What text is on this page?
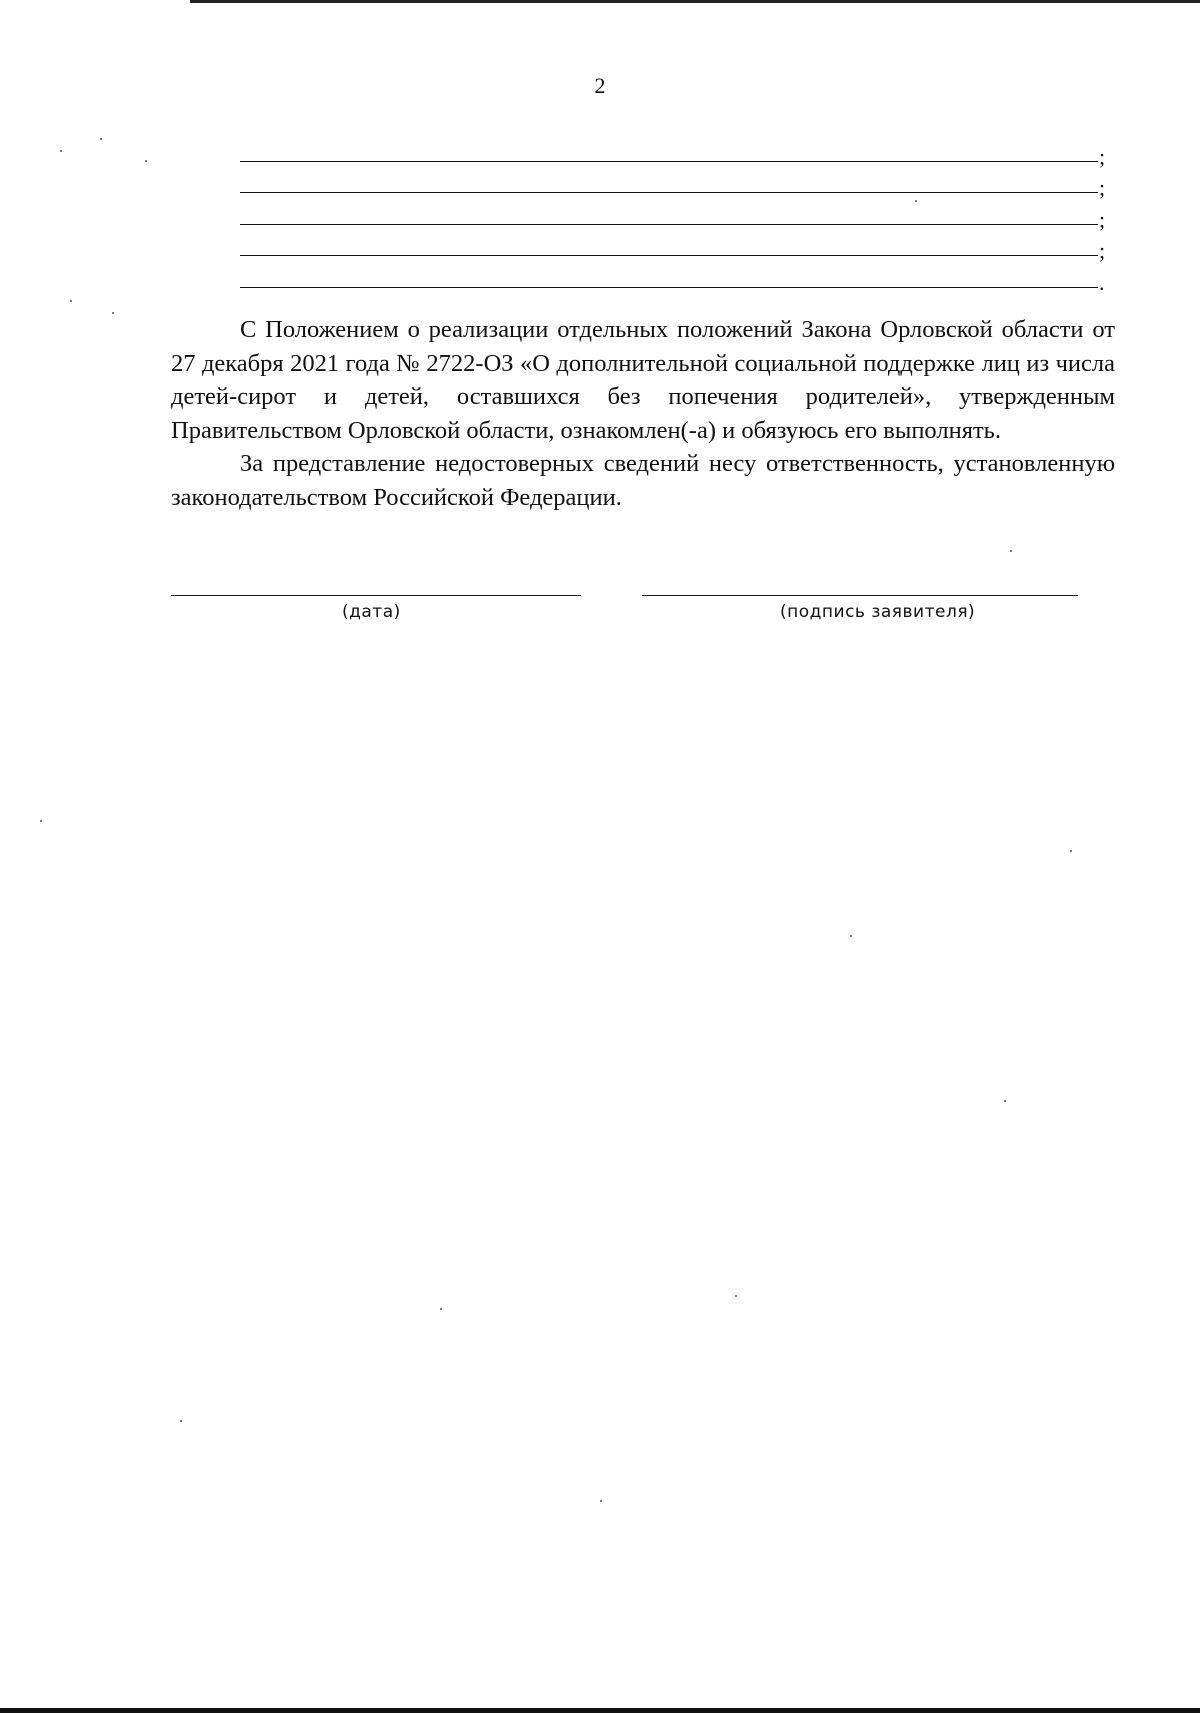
2
;
;
;
;
.

С Положением о реализации отдельных положений Закона Орловской области от 27 декабря 2021 года № 2722-ОЗ «О дополнительной социальной поддержке лиц из числа детей-сирот и детей, оставшихся без попечения родителей», утвержденным Правительством Орловской области, ознакомлен(-а) и обязуюсь его выполнять.

За представление недостоверных сведений несу ответственность, установленную законодательством Российской Федерации.

(дата)	(подпись заявителя)
